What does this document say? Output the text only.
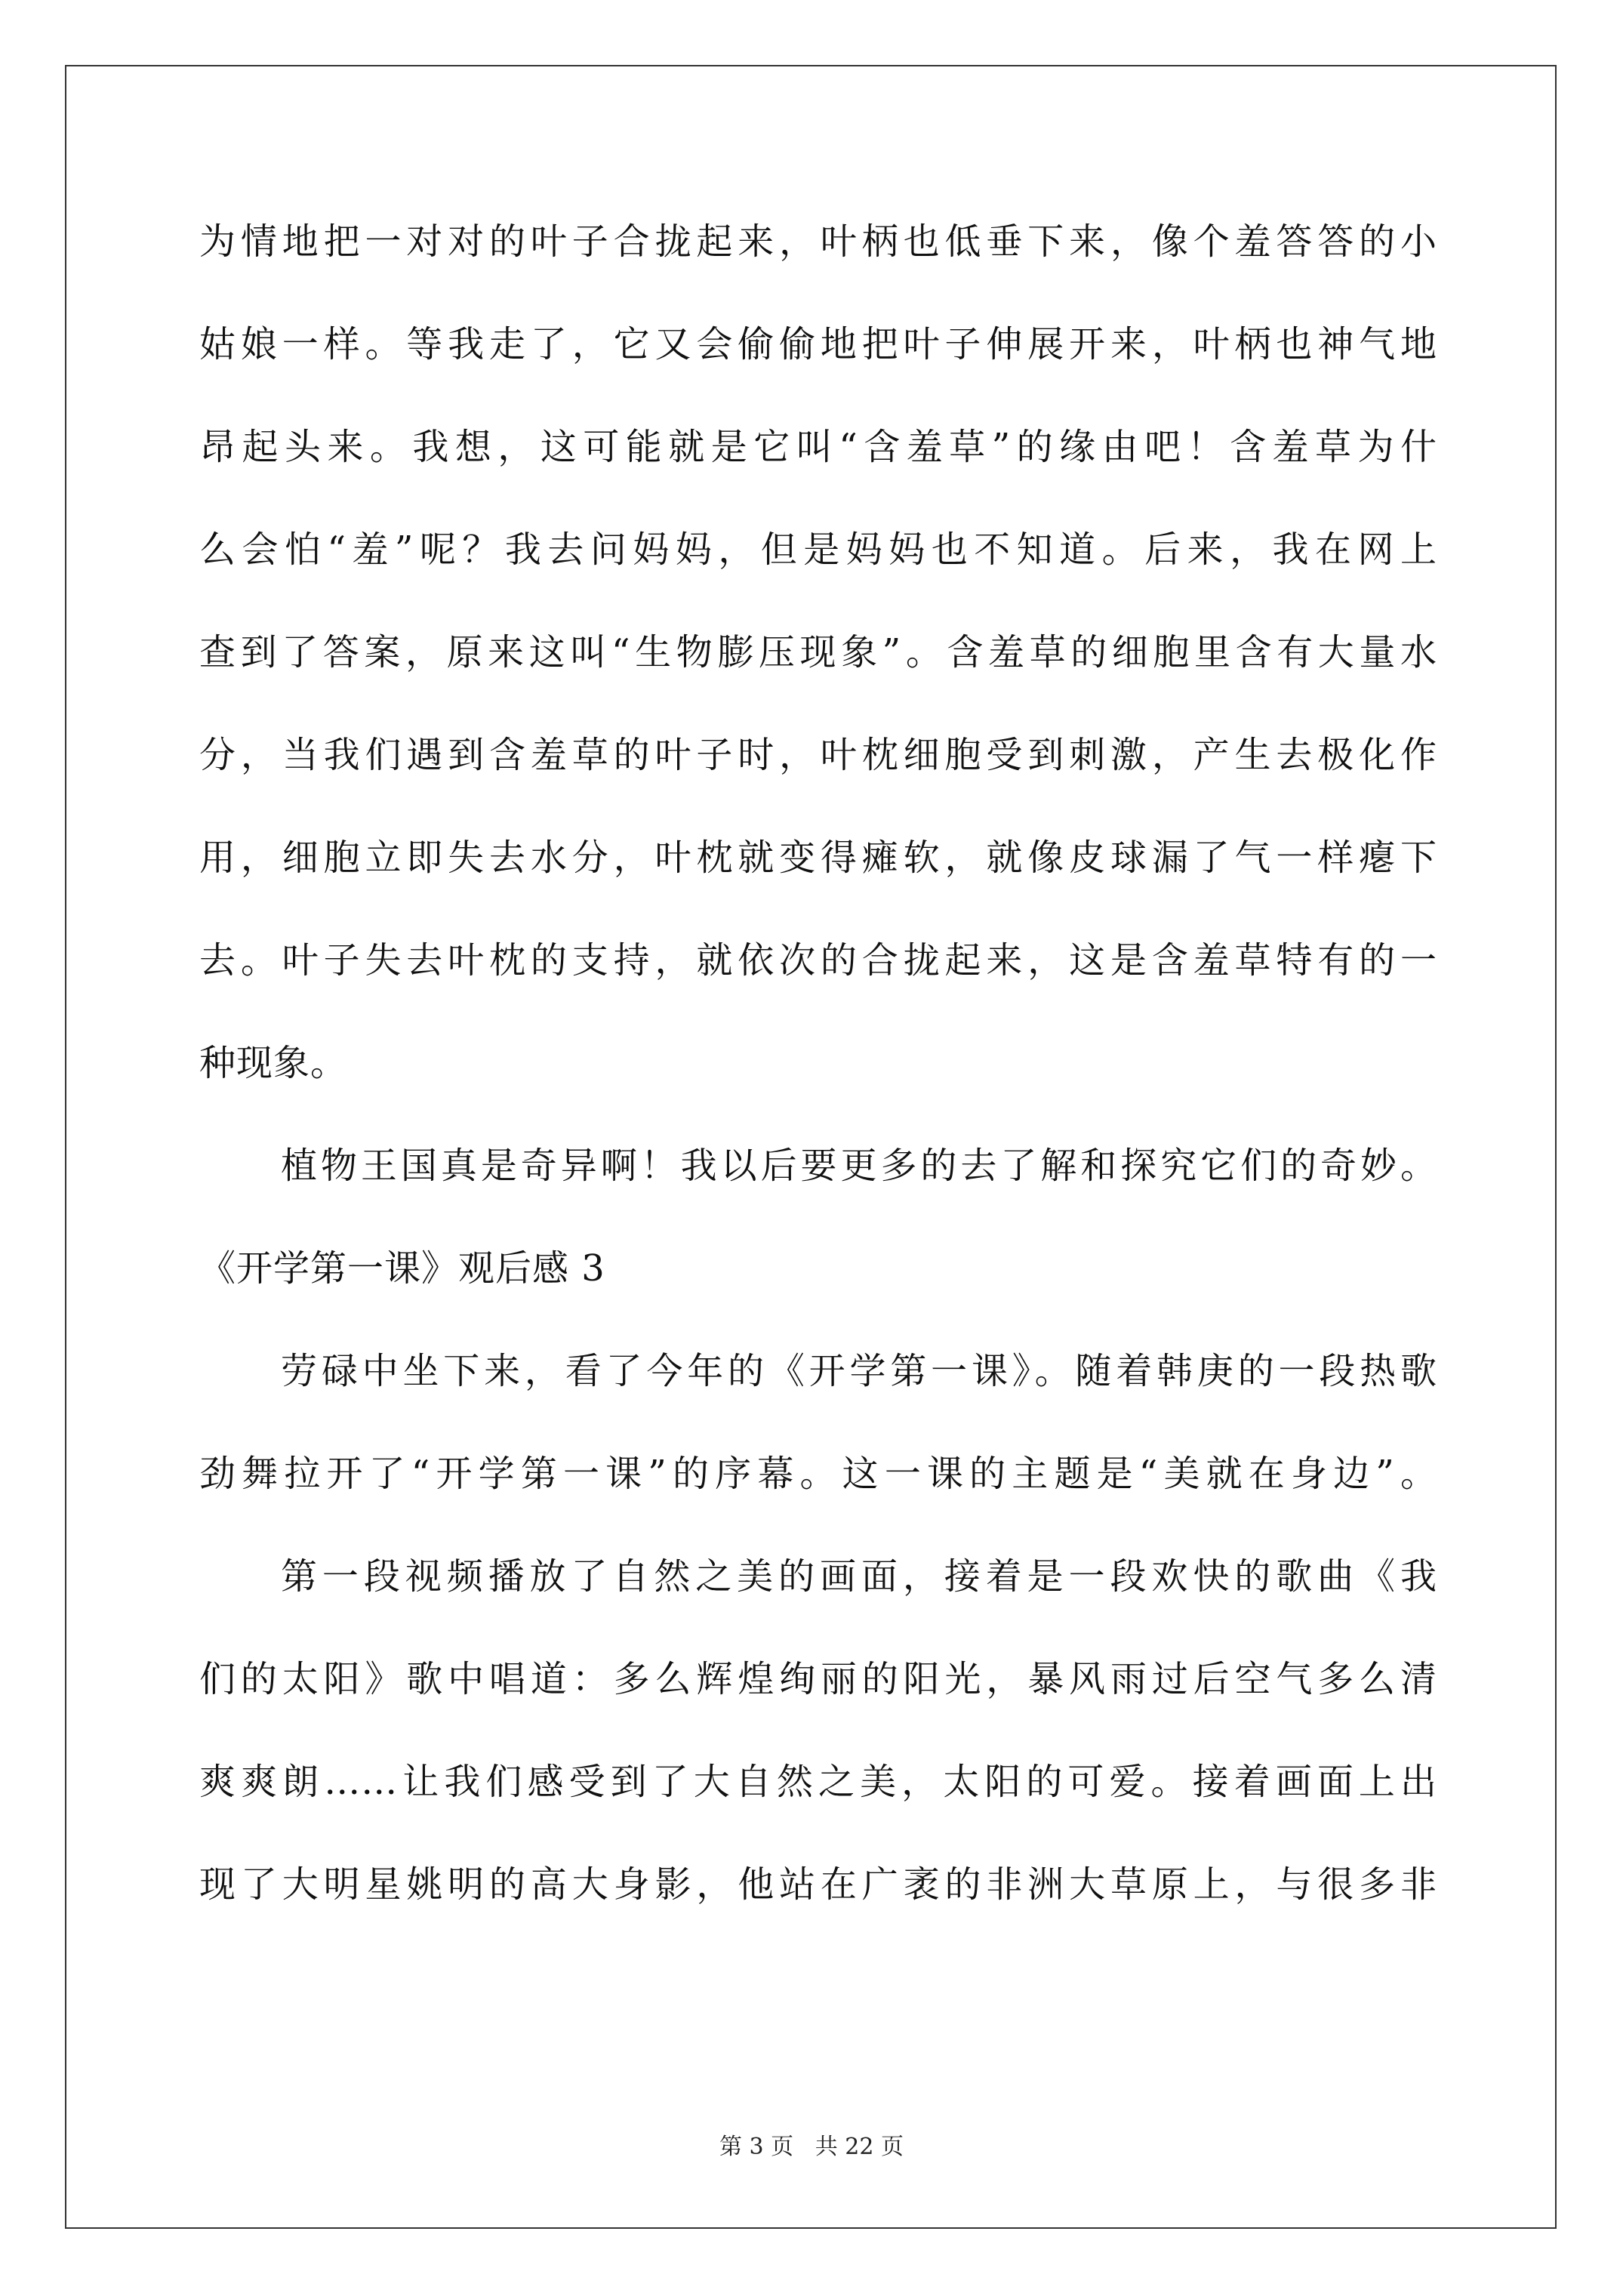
为情地把一对对的叶子合拢起来，叶柄也低垂下来，像个羞答答的小
姑娘一样。等我走了，它又会偷偷地把叶子伸展开来，叶柄也神气地
昂起头来。我想，这可能就是它叫“含羞草”的缘由吧！含羞草为什
么会怕“羞”呢？我去问妈妈，但是妈妈也不知道。后来，我在网上
查到了答案，原来这叫“生物膨压现象”。含羞草的细胞里含有大量水
分，当我们遇到含羞草的叶子时，叶枕细胞受到刺激，产生去极化作
用，细胞立即失去水分，叶枕就变得瘫软，就像皮球漏了气一样瘪下
去。叶子失去叶枕的支持，就依次的合拢起来，这是含羞草特有的一
种现象。
植物王国真是奇异啊！我以后要更多的去了解和探究它们的奇妙。
《开学第一课》观后感 3
劳碌中坐下来，看了今年的《开学第一课》。随着韩庚的一段热歌
劲舞拉开了“开学第一课”的序幕。这一课的主题是“美就在身边”。
第一段视频播放了自然之美的画面，接着是一段欢快的歌曲《我
们的太阳》歌中唱道：多么辉煌绚丽的阳光，暴风雨过后空气多么清
爽爽朗……让我们感受到了大自然之美，太阳的可爱。接着画面上出
现了大明星姚明的高大身影，他站在广袤的非洲大草原上，与很多非
第 3 页 共 22 页
